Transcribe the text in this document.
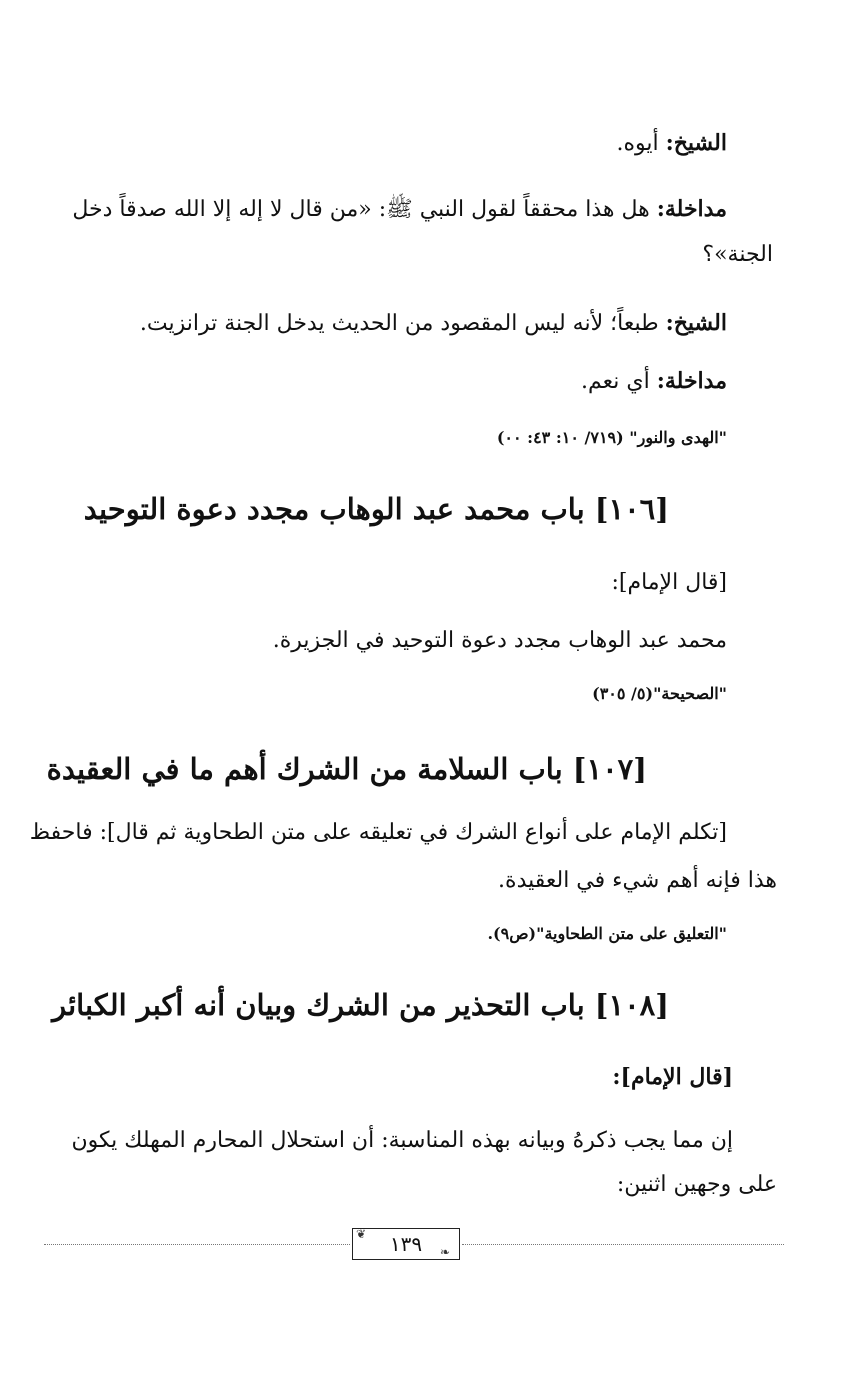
الشيخ: أيوه.
مداخلة: هل هذا محققاً لقول النبي ﷺ: «من قال لا إله إلا الله صدقاً دخل
الجنة»؟
الشيخ: طبعاً؛ لأنه ليس المقصود من الحديث يدخل الجنة ترانزيت.
مداخلة: أي نعم.
"الهدى والنور" (٧١٩/ ١٠: ٤٣: ٠٠)
[١٠٦] باب محمد عبد الوهاب مجدد دعوة التوحيد
[قال الإمام]:
محمد عبد الوهاب مجدد دعوة التوحيد في الجزيرة.
"الصحيحة"(٥/ ٣٠٥)
[١٠٧] باب السلامة من الشرك أهم ما في العقيدة
[تكلم الإمام على أنواع الشرك في تعليقه على متن الطحاوية ثم قال]: فاحفظ
هذا فإنه أهم شيء في العقيدة.
"التعليق على متن الطحاوية"(ص٩).
[١٠٨] باب التحذير من الشرك وبيان أنه أكبر الكبائر
[قال الإمام]:
إن مما يجب ذكرهُ وبيانه بهذه المناسبة: أن استحلال المحارم المهلك يكون
على وجهين اثنين:
١٣٩
❦
❧
